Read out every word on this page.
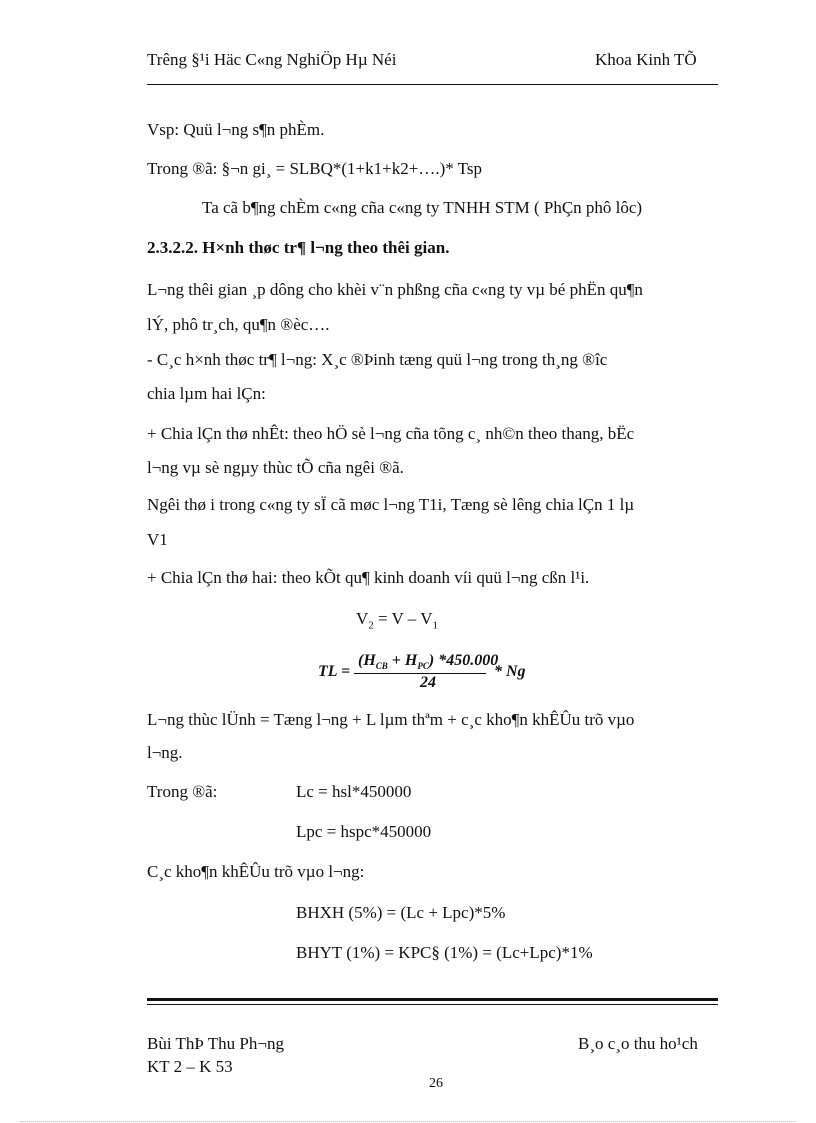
Trêng §¹i Häc C«ng NghiÖp Hµ Néi	Khoa Kinh TÕ
Vsp: Quü l¬ng s¶n phÈm.
Trong ®ã: §¬n gi¸ = SLBQ*(1+k1+k2+….)* Tsp
Ta cã b¶ng chÈm c«ng cña c«ng ty TNHH STM ( PhÇn phô lôc)
2.3.2.2. H×nh thøc tr¶ l¬ng theo thêi gian.
L¬ng thêi gian ¸p dông cho khèi v¨n phßng cña c«ng ty vµ bé phËn qu¶n
lÝ, phô tr¸ch, qu¶n ®èc….
- C¸c h×nh thøc tr¶ l¬ng: X¸c ®Þinh tæng quü l¬ng trong th¸ng ®îc
chia lµm hai lÇn:
+ Chia lÇn thø nhÊt: theo hÖ sè l¬ng cña tõng c¸ nh©n theo thang, bËc
l¬ng vµ sè ngµy thùc tÕ cña ngêi ®ã.
Ngêi thø i trong c«ng ty sÏ cã møc l¬ng T1i, Tæng sè lêng chia lÇn 1 lµ
V1
+ Chia lÇn thø hai: theo kÕt qu¶ kinh doanh víi quü l¬ng cßn l¹i.
$V_2 = V - V_1$
TL =
$(H_{CB} + H_{PC})$ *450.000
24
* Ng
L¬ng thùc lÜnh = Tæng l¬ng + L lµm thªm + c¸c kho¶n khÊÛu trõ vµo
l¬ng.
Trong ®ã:	Lc = hsl*450000
Lpc = hspc*450000
C¸c kho¶n khÊÛu trõ vµo l¬ng:
BHXH (5%) = (Lc + Lpc)*5%
BHYT (1%) = KPC§ (1%) = (Lc+Lpc)*1%
Bùi ThÞ Thu Ph¬ng
KT 2 – K 53
B¸o c¸o thu ho¹ch
26
